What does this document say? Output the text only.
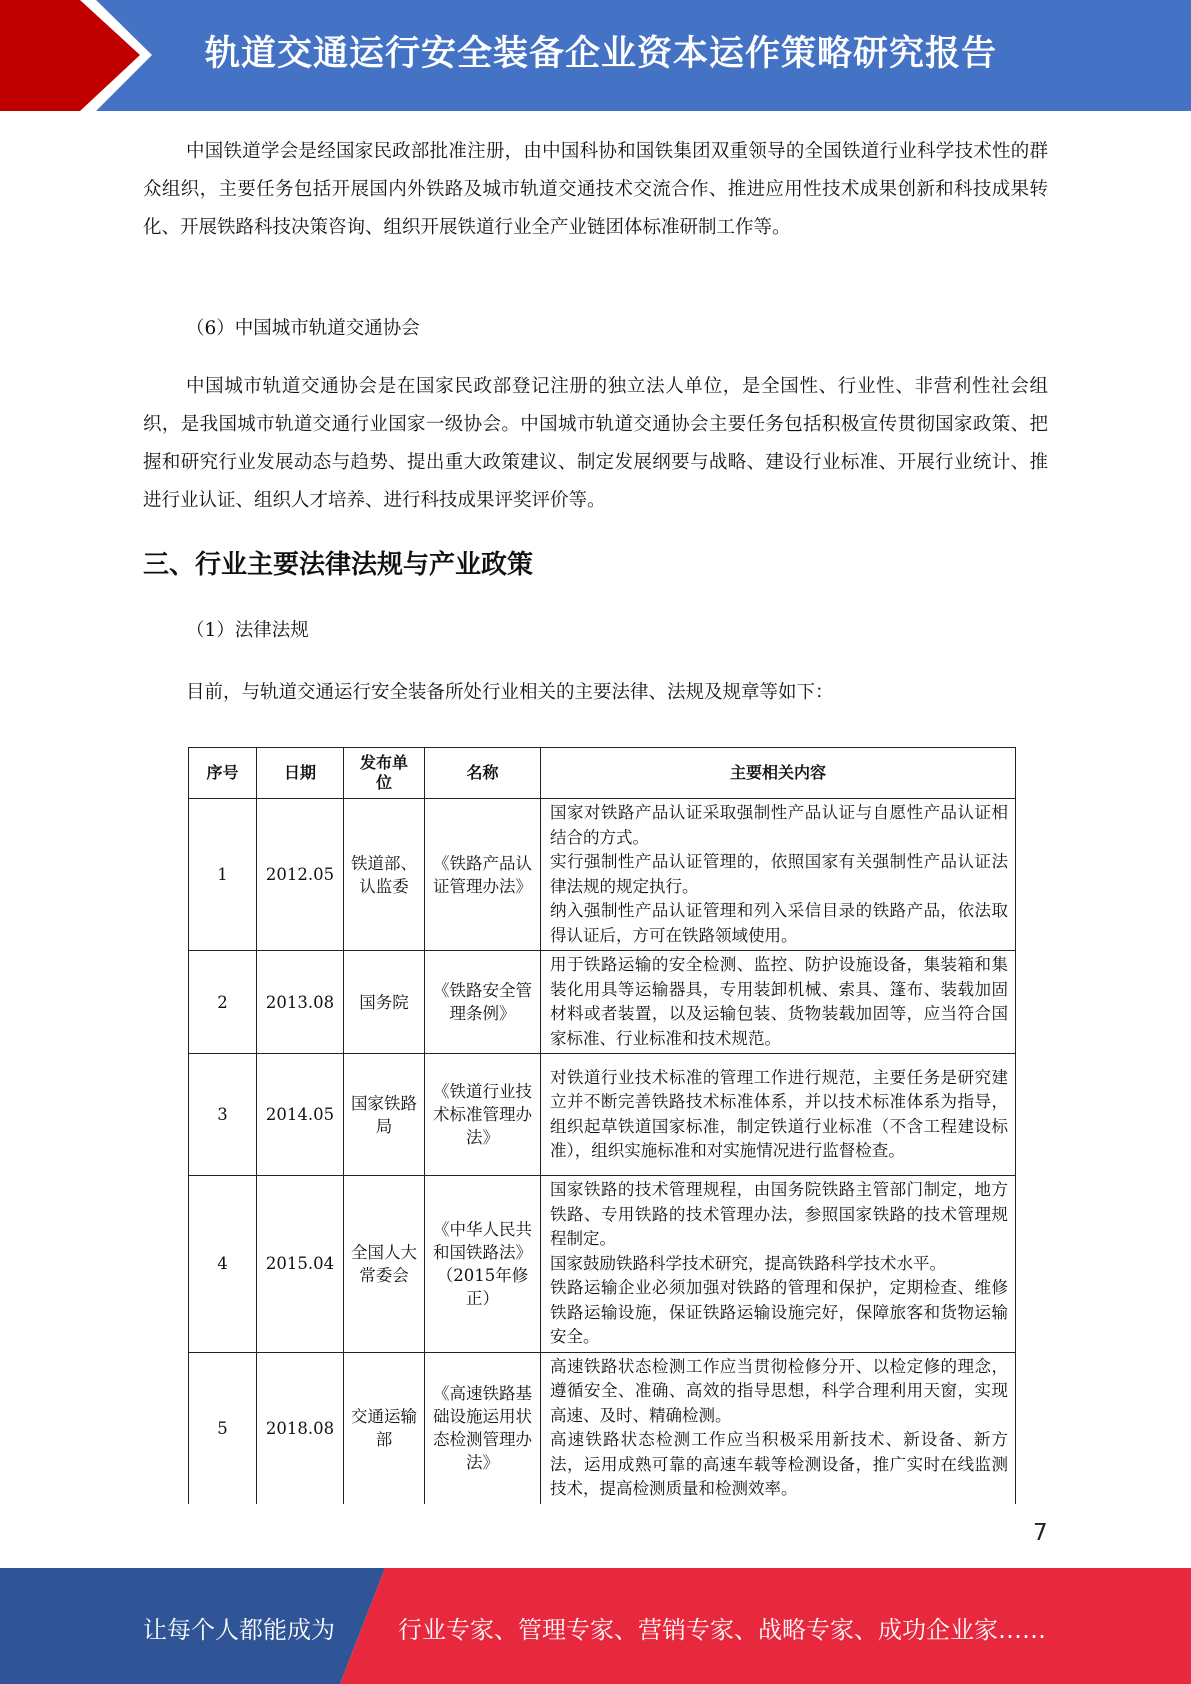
轨道交通运行安全装备企业资本运作策略研究报告

中国铁道学会是经国家民政部批准注册，由中国科协和国铁集团双重领导的全国铁道行业科学技术性的群众组织，主要任务包括开展国内外铁路及城市轨道交通技术交流合作、推进应用性技术成果创新和科技成果转化、开展铁路科技决策咨询、组织开展铁道行业全产业链团体标准研制工作等。

（6）中国城市轨道交通协会

中国城市轨道交通协会是在国家民政部登记注册的独立法人单位，是全国性、行业性、非营利性社会组织，是我国城市轨道交通行业国家一级协会。中国城市轨道交通协会主要任务包括积极宣传贯彻国家政策、把握和研究行业发展动态与趋势、提出重大政策建议、制定发展纲要与战略、建设行业标准、开展行业统计、推进行业认证、组织人才培养、进行科技成果评奖评价等。

三、行业主要法律法规与产业政策

（1）法律法规

目前，与轨道交通运行安全装备所处行业相关的主要法律、法规及规章等如下：

序号	日期	发布单位	名称	主要相关内容
1	2012.05	铁道部、认监委	《铁路产品认证管理办法》	国家对铁路产品认证采取强制性产品认证与自愿性产品认证相结合的方式。
实行强制性产品认证管理的，依照国家有关强制性产品认证法律法规的规定执行。
纳入强制性产品认证管理和列入采信目录的铁路产品，依法取得认证后，方可在铁路领域使用。

2	2013.08	国务院	《铁路安全管理条例》	用于铁路运输的安全检测、监控、防护设施设备，集装箱和集装化用具等运输器具，专用装卸机械、索具、篷布、装载加固材料或者装置，以及运输包装、货物装载加固等，应当符合国家标准、行业标准和技术规范。

3	2014.05	国家铁路局	《铁道行业技术标准管理办法》	对铁道行业技术标准的管理工作进行规范，主要任务是研究建立并不断完善铁路技术标准体系，并以技术标准体系为指导，组织起草铁道国家标准，制定铁道行业标准（不含工程建设标准），组织实施标准和对实施情况进行监督检查。

4	2015.04	全国人大常委会	《中华人民共和国铁路法》（2015年修正）	国家铁路的技术管理规程，由国务院铁路主管部门制定，地方铁路、专用铁路的技术管理办法，参照国家铁路的技术管理规程制定。
国家鼓励铁路科学技术研究，提高铁路科学技术水平。
铁路运输企业必须加强对铁路的管理和保护，定期检查、维修铁路运输设施，保证铁路运输设施完好，保障旅客和货物运输安全。

5	2018.08	交通运输部	《高速铁路基础设施运用状态检测管理办法》	高速铁路状态检测工作应当贯彻检修分开、以检定修的理念，遵循安全、准确、高效的指导思想，科学合理利用天窗，实现高速、及时、精确检测。
高速铁路状态检测工作应当积极采用新技术、新设备、新方法，运用成熟可靠的高速车载等检测设备，推广实时在线监测技术，提高检测质量和检测效率。
7
让每个人都能成为	行业专家、管理专家、营销专家、战略专家、成功企业家……
